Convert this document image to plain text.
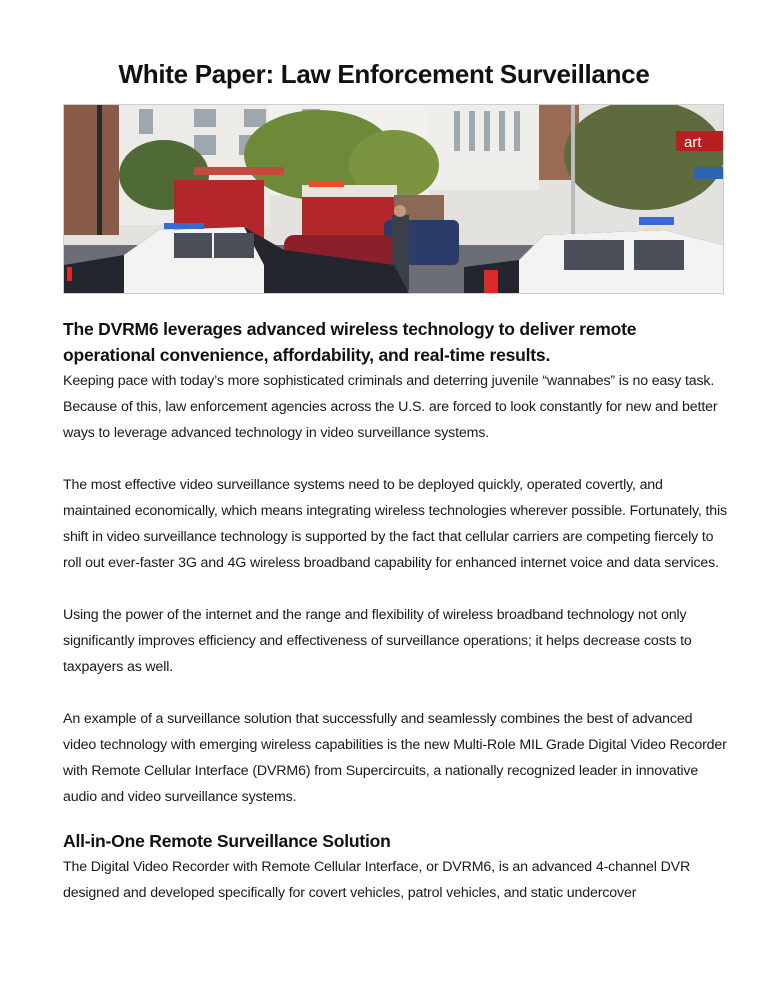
White Paper: Law Enforcement Surveillance
art
The DVRM6 leverages advanced wireless technology to deliver remote operational convenience, affordability, and real-time results.

Keeping pace with today’s more sophisticated criminals and deterring juvenile “wannabes” is no easy task. Because of this, law enforcement agencies across the U.S. are forced to look constantly for new and better ways to leverage advanced technology in video surveillance systems.

The most effective video surveillance systems need to be deployed quickly, operated covertly, and maintained economically, which means integrating wireless technologies wherever possible. Fortunately, this shift in video surveillance technology is supported by the fact that cellular carriers are competing fiercely to roll out ever-faster 3G and 4G wireless broadband capability for enhanced internet voice and data services.

Using the power of the internet and the range and flexibility of wireless broadband technology not only significantly improves efficiency and effectiveness of surveillance operations; it helps decrease costs to taxpayers as well.

An example of a surveillance solution that successfully and seamlessly combines the best of advanced video technology with emerging wireless capabilities is the new Multi-Role MIL Grade Digital Video Recorder with Remote Cellular Interface (DVRM6) from Supercircuits, a nationally recognized leader in innovative audio and video surveillance systems.

All-in-One Remote Surveillance Solution

The Digital Video Recorder with Remote Cellular Interface, or DVRM6, is an advanced 4-channel DVR designed and developed specifically for covert vehicles, patrol vehicles, and static undercover
